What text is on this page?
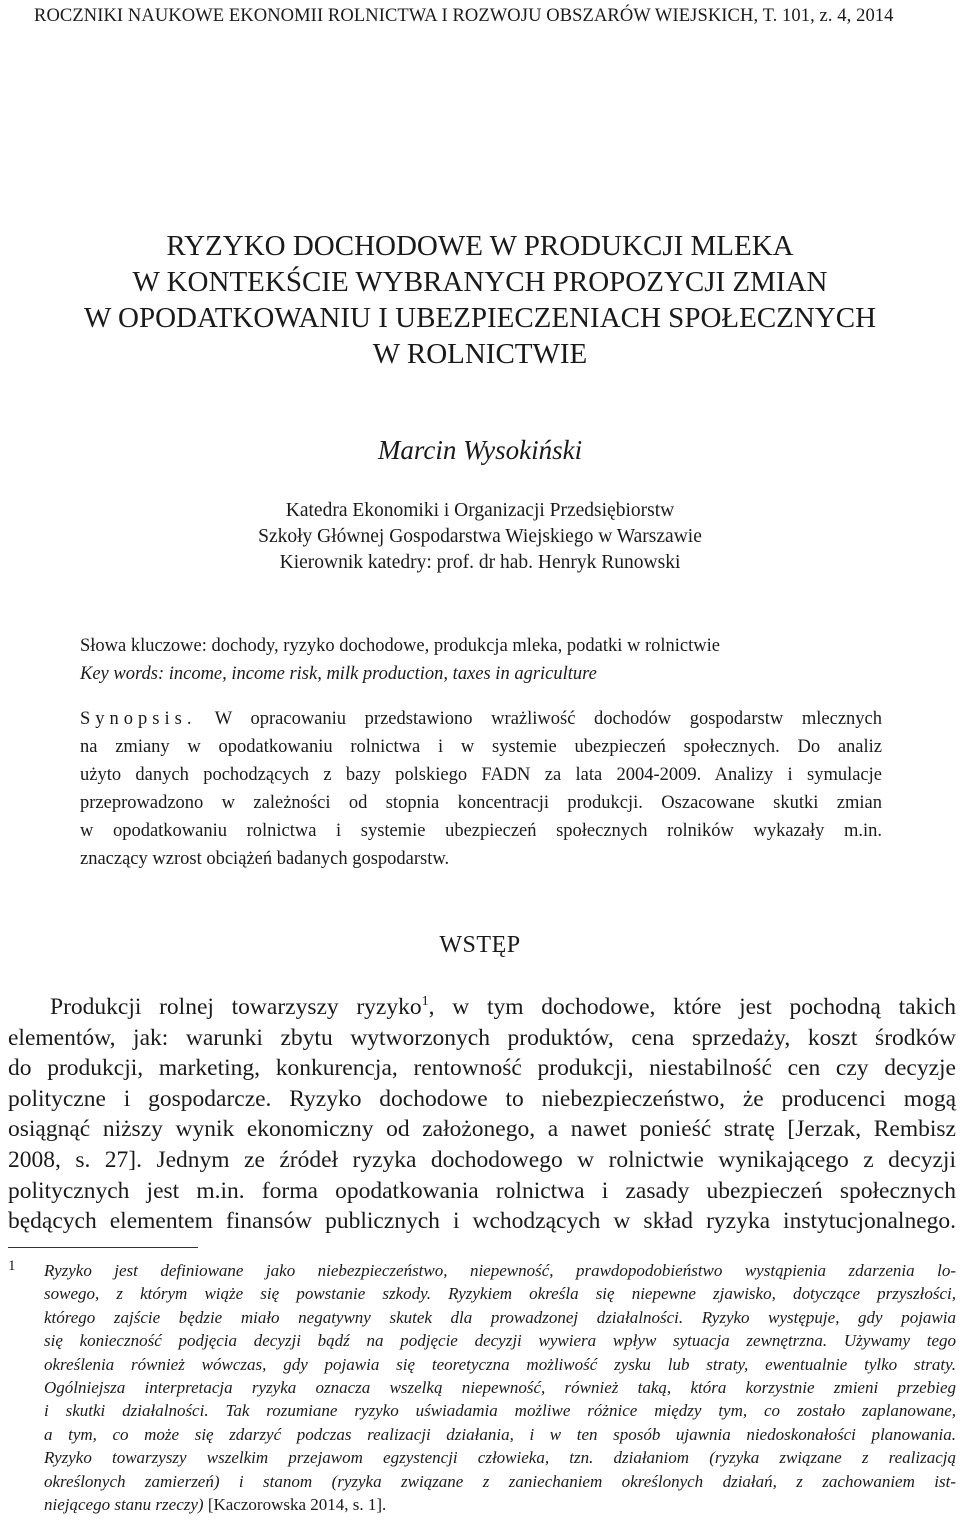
ROCZNIKI NAUKOWE EKONOMII ROLNICTWA I ROZWOJU OBSZARÓW WIEJSKICH, T. 101, z. 4, 2014
RYZYKO DOCHODOWE W PRODUKCJI MLEKA
W KONTEKŚCIE WYBRANYCH PROPOZYCJI ZMIAN
W OPODATKOWANIU I UBEZPIECZENIACH SPOŁECZNYCH
W ROLNICTWIE
Marcin Wysokiński
Katedra Ekonomiki i Organizacji Przedsiębiorstw
Szkoły Głównej Gospodarstwa Wiejskiego w Warszawie
Kierownik katedry: prof. dr hab. Henryk Runowski
Słowa kluczowe: dochody, ryzyko dochodowe, produkcja mleka, podatki w rolnictwie
Key words: income, income risk, milk production, taxes in agriculture
Synopsis. W opracowaniu przedstawiono wrażliwość dochodów gospodarstw mlecznych
na zmiany w opodatkowaniu rolnictwa i w systemie ubezpieczeń społecznych. Do analiz
użyto danych pochodzących z bazy polskiego FADN za lata 2004-2009. Analizy i symulacje
przeprowadzono w zależności od stopnia koncentracji produkcji. Oszacowane skutki zmian
w opodatkowaniu rolnictwa i systemie ubezpieczeń społecznych rolników wykazały m.in.
znaczący wzrost obciążeń badanych gospodarstw.
WSTĘP
Produkcji rolnej towarzyszy ryzyko$^1$, w tym dochodowe, które jest pochodną takich
elementów, jak: warunki zbytu wytworzonych produktów, cena sprzedaży, koszt środków
do produkcji, marketing, konkurencja, rentowność produkcji, niestabilność cen czy decyzje
polityczne i gospodarcze. Ryzyko dochodowe to niebezpieczeństwo, że producenci mogą
osiągnąć niższy wynik ekonomiczny od założonego, a nawet ponieść stratę [Jerzak, Rembisz
2008, s. 27]. Jednym ze źródeł ryzyka dochodowego w rolnictwie wynikającego z decyzji
politycznych jest m.in. forma opodatkowania rolnictwa i zasady ubezpieczeń społecznych
będących elementem finansów publicznych i wchodzących w skład ryzyka instytucjonalnego.
1 Ryzyko jest definiowane jako niebezpieczeństwo, niepewność, prawdopodobieństwo wystąpienia zdarzenia lo-
sowego, z którym wiąże się powstanie szkody. Ryzykiem określa się niepewne zjawisko, dotyczące przyszłości,
którego zajście będzie miało negatywny skutek dla prowadzonej działalności. Ryzyko występuje, gdy pojawia
się konieczność podjęcia decyzji bądź na podjęcie decyzji wywiera wpływ sytuacja zewnętrzna. Używamy tego
określenia również wówczas, gdy pojawia się teoretyczna możliwość zysku lub straty, ewentualnie tylko straty.
Ogólniejsza interpretacja ryzyka oznacza wszelką niepewność, również taką, która korzystnie zmieni przebieg
i skutki działalności. Tak rozumiane ryzyko uświadamia możliwe różnice między tym, co zostało zaplanowane,
a tym, co może się zdarzyć podczas realizacji działania, i w ten sposób ujawnia niedoskonałości planowania.
Ryzyko towarzyszy wszelkim przejawom egzystencji człowieka, tzn. działaniom (ryzyka związane z realizacją
określonych zamierzeń) i stanom (ryzyka związane z zaniechaniem określonych działań, z zachowaniem ist-
niejącego stanu rzeczy) [Kaczorowska 2014, s. 1].
